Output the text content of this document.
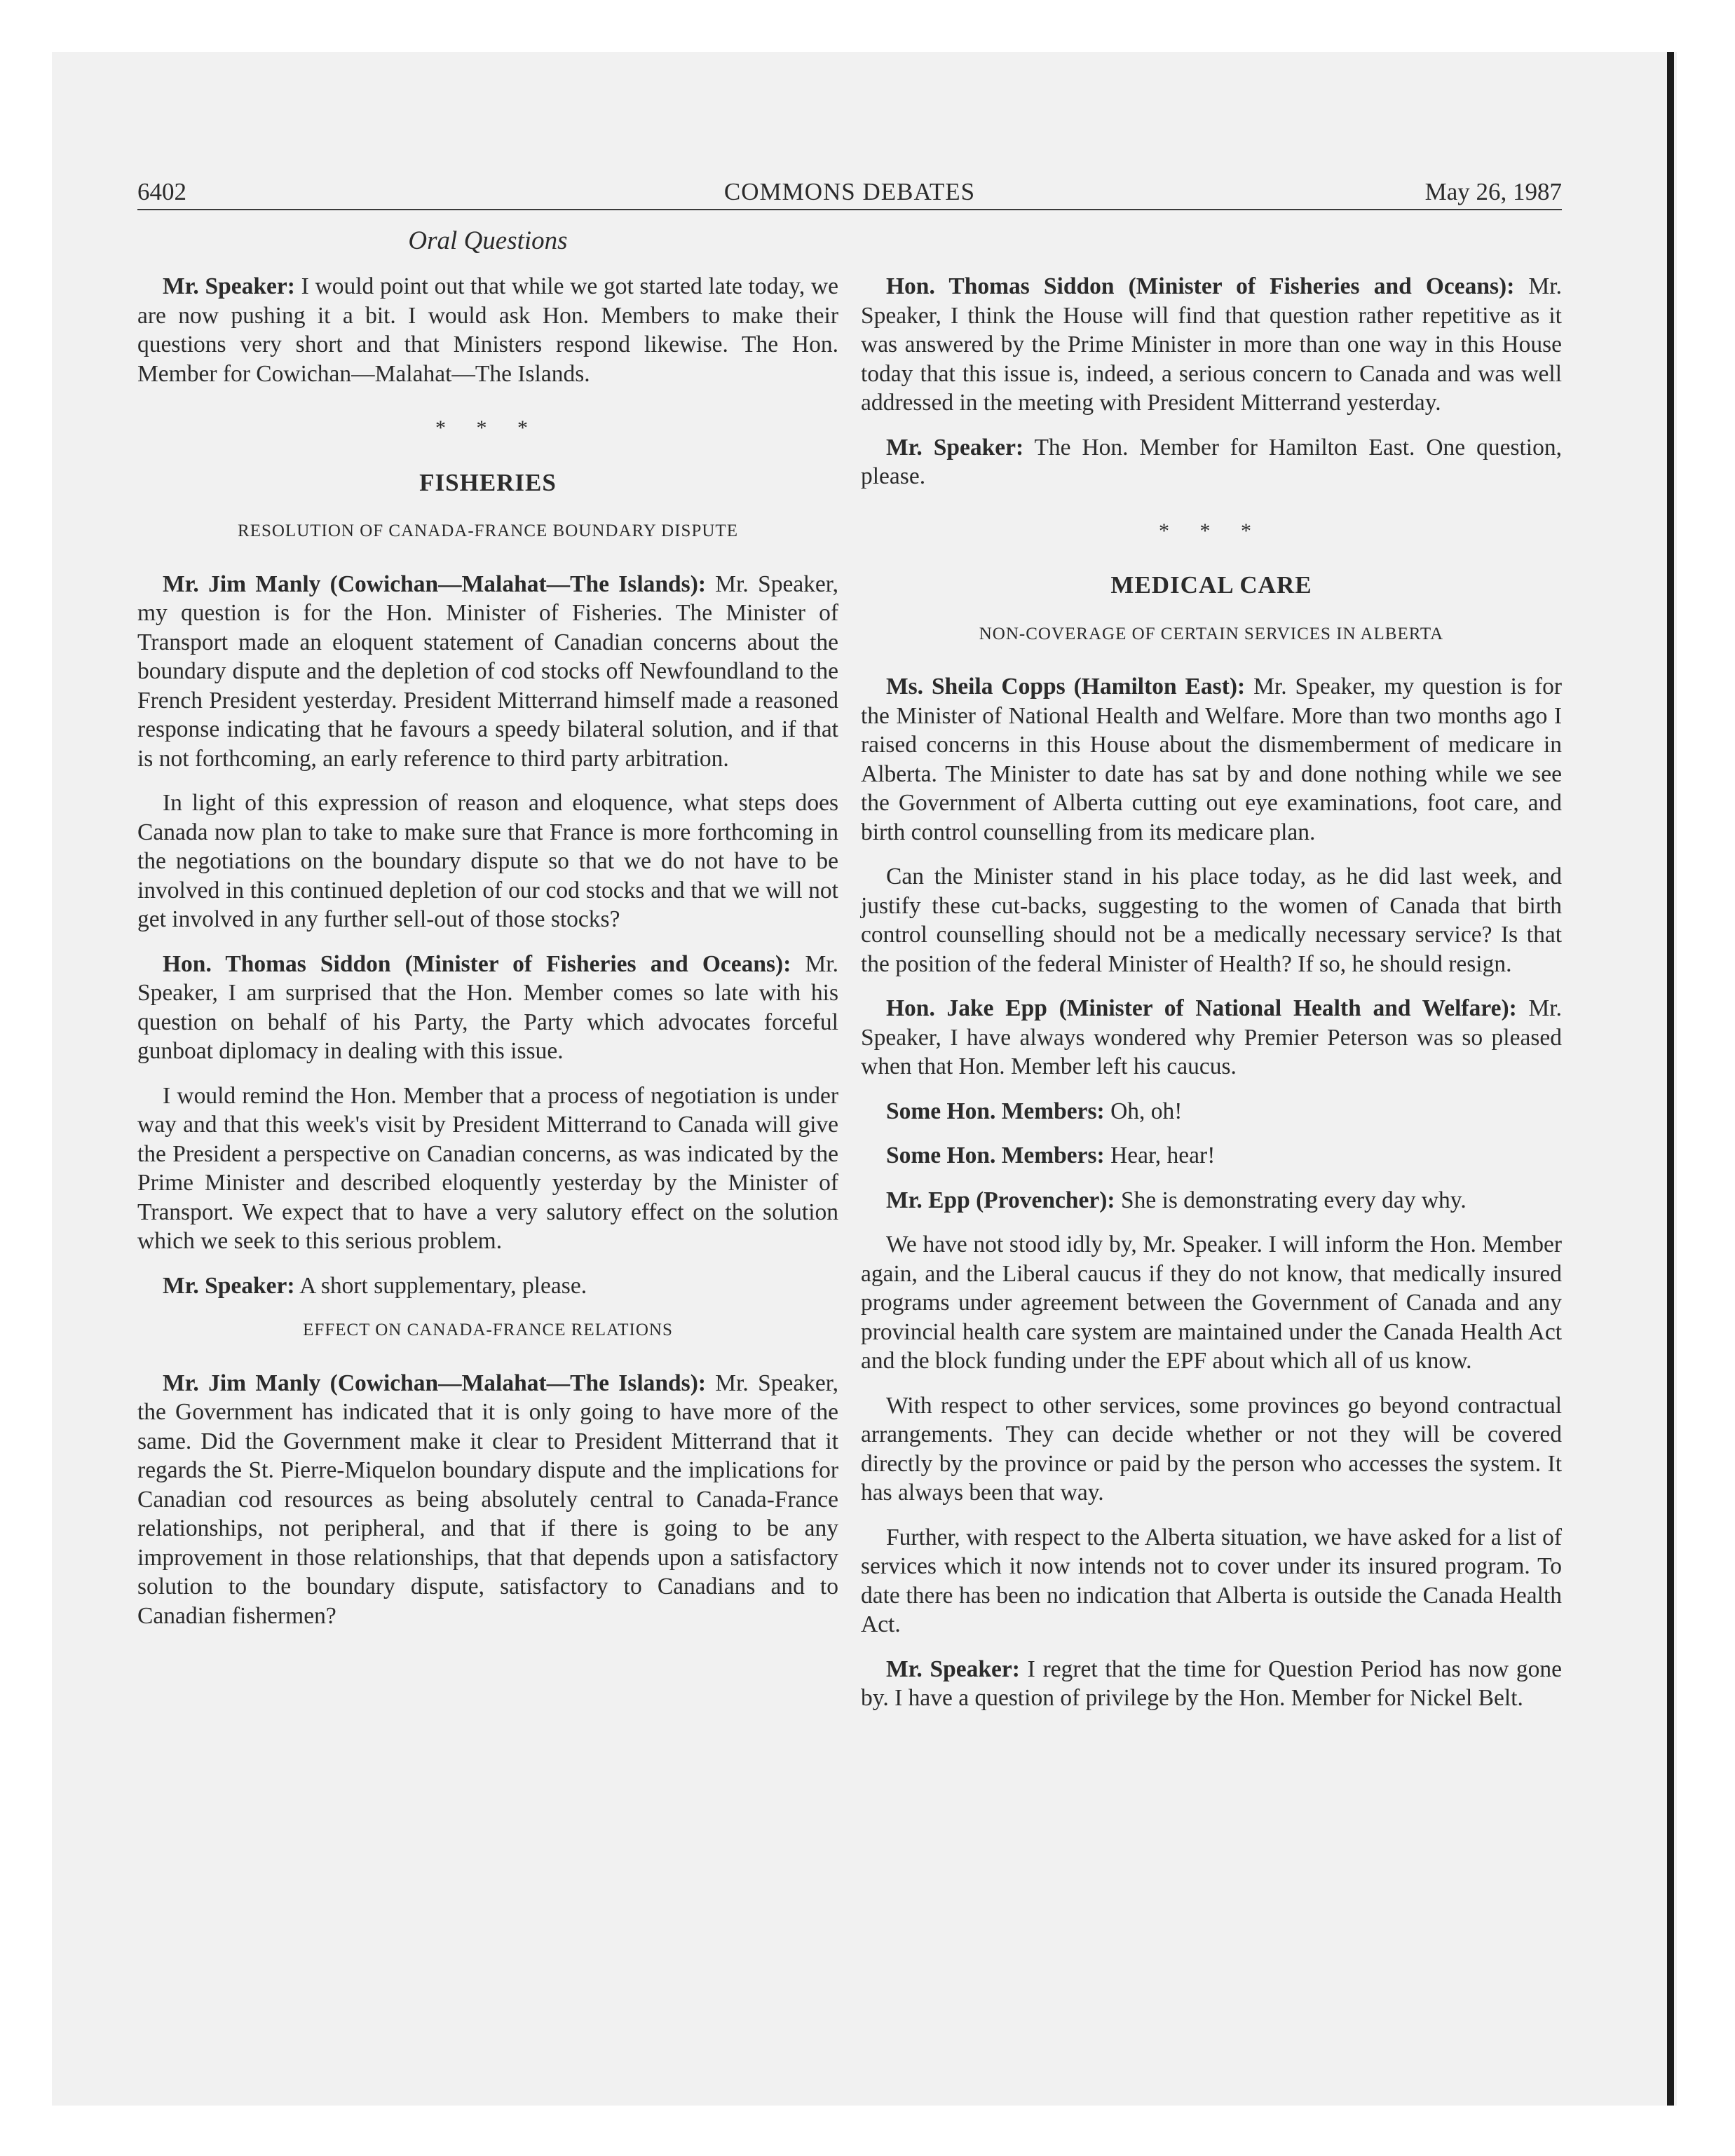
6402	COMMONS DEBATES	May 26, 1987
Oral Questions

Mr. Speaker: I would point out that while we got started late today, we are now pushing it a bit. I would ask Hon. Members to make their questions very short and that Ministers respond likewise. The Hon. Member for Cowichan—Malahat—The Islands.

* * *
FISHERIES
RESOLUTION OF CANADA-FRANCE BOUNDARY DISPUTE

Mr. Jim Manly (Cowichan—Malahat—The Islands): Mr. Speaker, my question is for the Hon. Minister of Fisheries. The Minister of Transport made an eloquent statement of Canadian concerns about the boundary dispute and the depletion of cod stocks off Newfoundland to the French President yesterday. President Mitterrand himself made a reasoned response indicating that he favours a speedy bilateral solution, and if that is not forthcoming, an early reference to third party arbitration.

In light of this expression of reason and eloquence, what steps does Canada now plan to take to make sure that France is more forthcoming in the negotiations on the boundary dispute so that we do not have to be involved in this continued depletion of our cod stocks and that we will not get involved in any further sell-out of those stocks?

Hon. Thomas Siddon (Minister of Fisheries and Oceans): Mr. Speaker, I am surprised that the Hon. Member comes so late with his question on behalf of his Party, the Party which advocates forceful gunboat diplomacy in dealing with this issue.

I would remind the Hon. Member that a process of negotiation is under way and that this week's visit by President Mitterrand to Canada will give the President a perspective on Canadian concerns, as was indicated by the Prime Minister and described eloquently yesterday by the Minister of Transport. We expect that to have a very salutory effect on the solution which we seek to this serious problem.

Mr. Speaker: A short supplementary, please.

EFFECT ON CANADA-FRANCE RELATIONS

Mr. Jim Manly (Cowichan—Malahat—The Islands): Mr. Speaker, the Government has indicated that it is only going to have more of the same. Did the Government make it clear to President Mitterrand that it regards the St. Pierre-Miquelon boundary dispute and the implications for Canadian cod resources as being absolutely central to Canada-France relationships, not peripheral, and that if there is going to be any improvement in those relationships, that that depends upon a satisfactory solution to the boundary dispute, satisfactory to Canadians and to Canadian fishermen?

Hon. Thomas Siddon (Minister of Fisheries and Oceans): Mr. Speaker, I think the House will find that question rather repetitive as it was answered by the Prime Minister in more than one way in this House today that this issue is, indeed, a serious concern to Canada and was well addressed in the meeting with President Mitterrand yesterday.

Mr. Speaker: The Hon. Member for Hamilton East. One question, please.

* * *
MEDICAL CARE
NON-COVERAGE OF CERTAIN SERVICES IN ALBERTA

Ms. Sheila Copps (Hamilton East): Mr. Speaker, my question is for the Minister of National Health and Welfare. More than two months ago I raised concerns in this House about the dismemberment of medicare in Alberta. The Minister to date has sat by and done nothing while we see the Government of Alberta cutting out eye examinations, foot care, and birth control counselling from its medicare plan.

Can the Minister stand in his place today, as he did last week, and justify these cut-backs, suggesting to the women of Canada that birth control counselling should not be a medically necessary service? Is that the position of the federal Minister of Health? If so, he should resign.

Hon. Jake Epp (Minister of National Health and Welfare): Mr. Speaker, I have always wondered why Premier Peterson was so pleased when that Hon. Member left his caucus.

Some Hon. Members: Oh, oh!

Some Hon. Members: Hear, hear!

Mr. Epp (Provencher): She is demonstrating every day why.

We have not stood idly by, Mr. Speaker. I will inform the Hon. Member again, and the Liberal caucus if they do not know, that medically insured programs under agreement between the Government of Canada and any provincial health care system are maintained under the Canada Health Act and the block funding under the EPF about which all of us know.

With respect to other services, some provinces go beyond contractual arrangements. They can decide whether or not they will be covered directly by the province or paid by the person who accesses the system. It has always been that way.

Further, with respect to the Alberta situation, we have asked for a list of services which it now intends not to cover under its insured program. To date there has been no indication that Alberta is outside the Canada Health Act.

Mr. Speaker: I regret that the time for Question Period has now gone by. I have a question of privilege by the Hon. Member for Nickel Belt.
